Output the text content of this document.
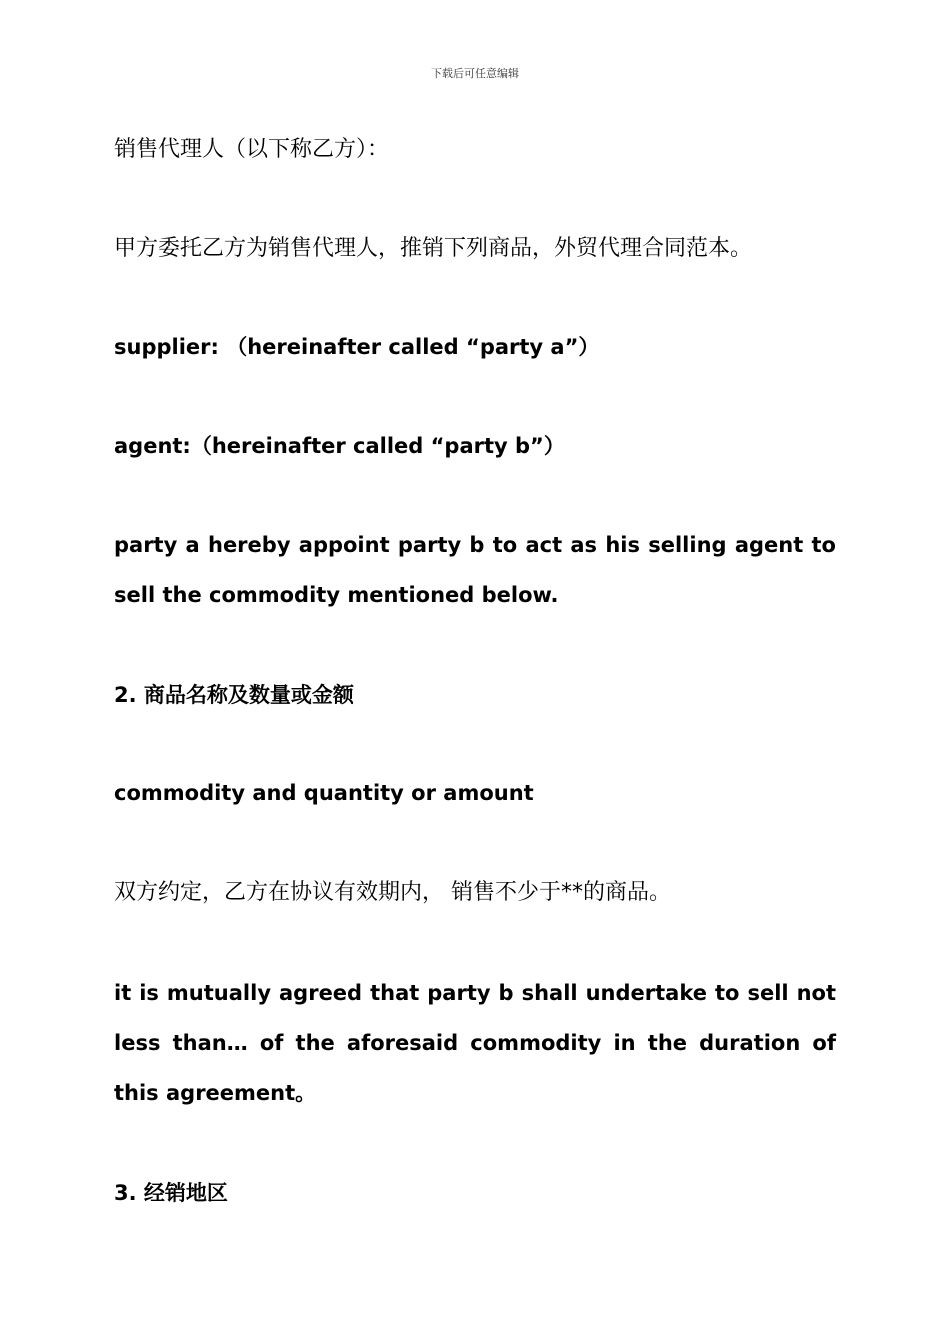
下载后可任意编辑

销售代理人（以下称乙方）：

甲方委托乙方为销售代理人，推销下列商品，外贸代理合同范本。

supplier: （hereinafter called “party a”）

agent:（hereinafter called “party b”）

party a hereby appoint party b to act as his selling agent to sell the commodity mentioned below.

2. 商品名称及数量或金额

commodity and quantity or amount

双方约定，乙方在协议有效期内， 销售不少于**的商品。

it is mutually agreed that party b shall undertake to sell not less than… of the aforesaid commodity in the duration of this agreement。

3. 经销地区
